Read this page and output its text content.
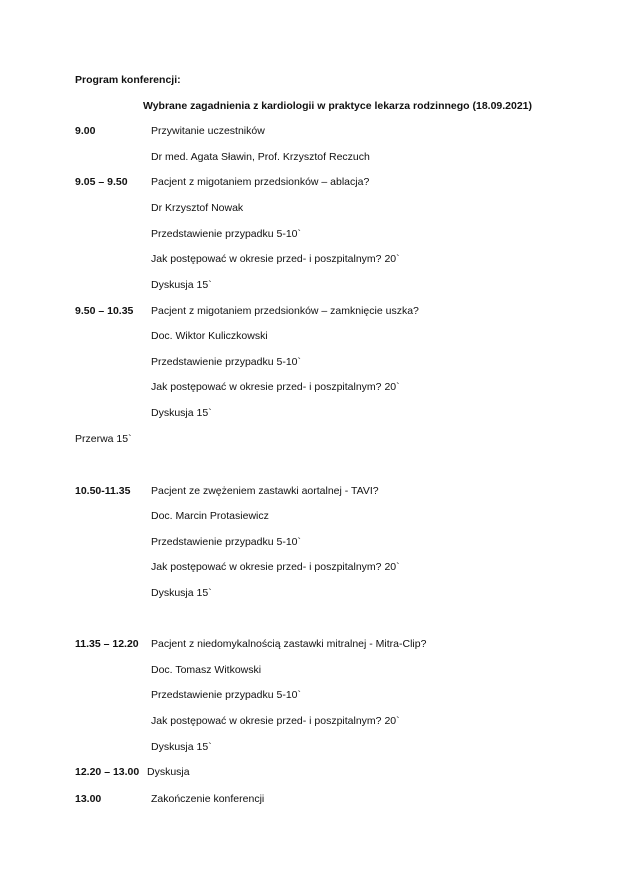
Program konferencji:
Wybrane zagadnienia z kardiologii w praktyce lekarza rodzinnego (18.09.2021)
9.00	Przywitanie uczestników
Dr med. Agata Sławin, Prof. Krzysztof Reczuch
9.05 – 9.50 Pacjent z migotaniem przedsionków – ablacja?
Dr Krzysztof Nowak
Przedstawienie przypadku 5-10`
Jak postępować w okresie przed- i poszpitalnym? 20`
Dyskusja 15`
9.50 – 10.35 Pacjent z migotaniem przedsionków – zamknięcie uszka?
Doc. Wiktor Kuliczkowski
Przedstawienie przypadku 5-10`
Jak postępować w okresie przed- i poszpitalnym? 20`
Dyskusja 15`
Przerwa 15`
10.50-11.35 Pacjent ze zwężeniem zastawki aortalnej - TAVI?
Doc. Marcin Protasiewicz
Przedstawienie przypadku 5-10`
Jak postępować w okresie przed- i poszpitalnym? 20`
Dyskusja 15`
11.35 – 12.20 Pacjent z niedomykalnością zastawki mitralnej - Mitra-Clip?
Doc. Tomasz Witkowski
Przedstawienie przypadku 5-10`
Jak postępować w okresie przed- i poszpitalnym? 20`
Dyskusja 15`
12.20 – 13.00 Dyskusja
13.00	Zakończenie konferencji
